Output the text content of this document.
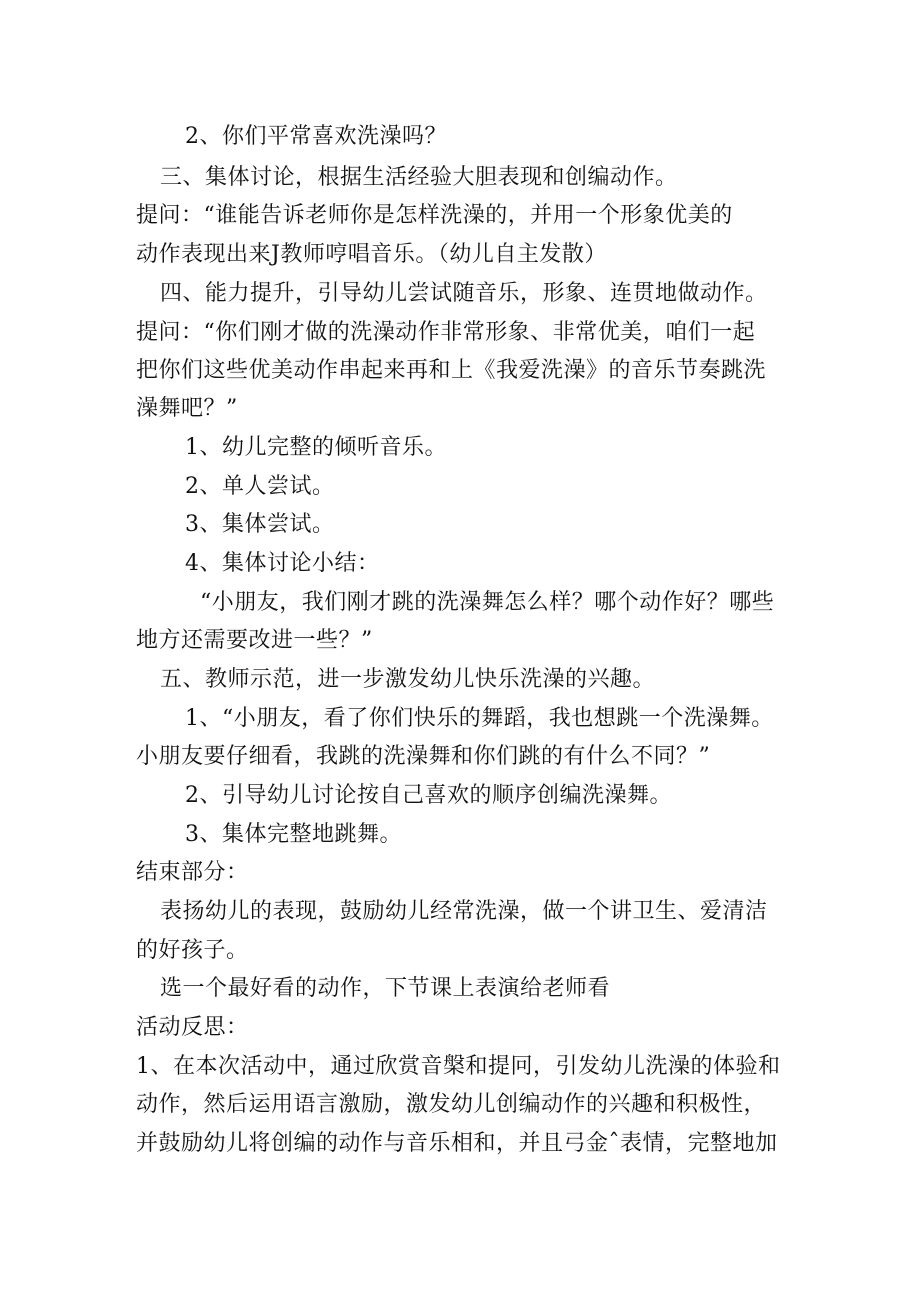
2、你们平常喜欢洗澡吗？
三、集体讨论，根据生活经验大胆表现和创编动作。
提问：“谁能告诉老师你是怎样洗澡的，并用一个形象优美的
动作表现出来J教师哼唱音乐。（幼儿自主发散）
四、能力提升，引导幼儿尝试随音乐，形象、连贯地做动作。
提问：“你们刚才做的洗澡动作非常形象、非常优美，咱们一起
把你们这些优美动作串起来再和上《我爱洗澡》的音乐节奏跳洗
澡舞吧？”
1、幼儿完整的倾听音乐。
2、单人尝试。
3、集体尝试。
4、集体讨论小结：
“小朋友，我们刚才跳的洗澡舞怎么样？哪个动作好？哪些
地方还需要改进一些？”
五、教师示范，进一步激发幼儿快乐洗澡的兴趣。
1、“小朋友，看了你们快乐的舞蹈，我也想跳一个洗澡舞。
小朋友要仔细看，我跳的洗澡舞和你们跳的有什么不同？”
2、引导幼儿讨论按自己喜欢的顺序创编洗澡舞。
3、集体完整地跳舞。
结束部分：
表扬幼儿的表现，鼓励幼儿经常洗澡，做一个讲卫生、爱清洁
的好孩子。
选一个最好看的动作，下节课上表演给老师看
活动反思：
1、在本次活动中，通过欣赏音槃和提冋，引发幼儿洗澡的体验和
动作，然后运用语言激励，激发幼儿创编动作的兴趣和积极性，
并鼓励幼儿将创编的动作与音乐相和，并且弓金ˆ表情，完整地加
